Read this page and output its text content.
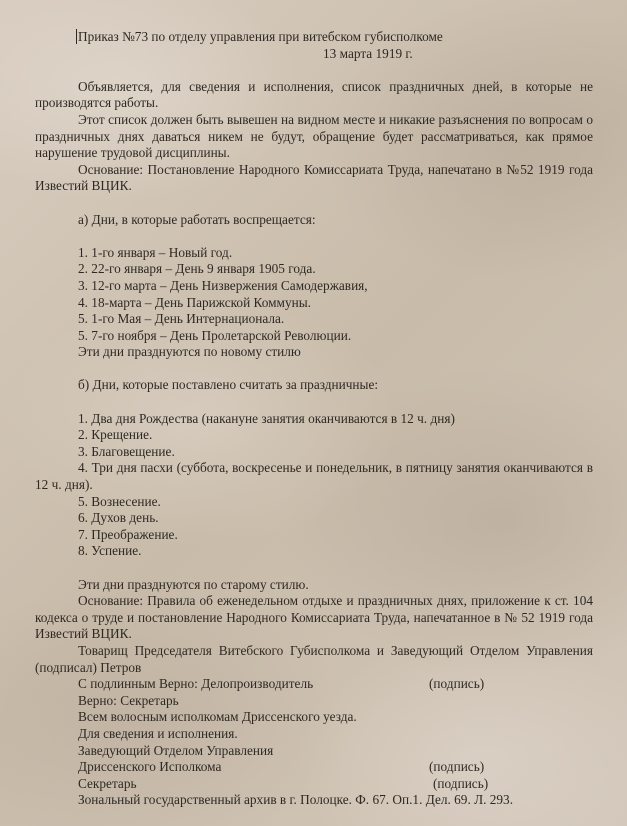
Приказ №73 по отделу управления при витебском губисполкоме
13 марта 1919 г.
Объявляется, для сведения и исполнения, список праздничных дней, в которые не производятся работы.
Этот список должен быть вывешен на видном месте и никакие разъяснения по вопросам о праздничных днях даваться никем не будут, обращение будет рассматриваться, как прямое нарушение трудовой дисциплины.
Основание: Постановление Народного Комиссариата Труда, напечатано в №52 1919 года Известий ВЦИК.
а) Дни, в которые работать воспрещается:
1. 1-го января – Новый год.
2. 22-го января – День 9 января 1905 года.
3. 12-го марта – День Низвержения Самодержавия,
4. 18-марта – День Парижской Коммуны.
5. 1-го Мая – День Интернационала.
5. 7-го ноября – День Пролетарской Революции.
Эти дни празднуются по новому стилю
б) Дни, которые поставлено считать за праздничные:
1. Два дня Рождества (накануне занятия оканчиваются в 12 ч. дня)
2. Крещение.
3. Благовещение.
4. Три дня пасхи (суббота, воскресенье и понедельник, в пятницу занятия оканчиваются в 12 ч. дня).
5. Вознесение.
6. Духов день.
7. Преображение.
8. Успение.
Эти дни празднуются по старому стилю.
Основание: Правила об еженедельном отдыхе и праздничных днях, приложение к ст. 104 кодекса о труде и постановление Народного Комиссариата Труда, напечатанное в № 52 1919 года Известий ВЦИК.
Товарищ Председателя Витебского Губисполкома и Заведующий Отделом Управления (подписал) Петров
С подлинным Верно: Делопроизводитель	(подпись)
Верно: Секретарь
Всем волосным исполкомам Дриссенского уезда.
Для сведения и исполнения.
Заведующий Отделом Управления
Дриссенского Исполкома	(подпись)
Секретарь	(подпись)
Зональный государственный архив в г. Полоцке. Ф. 67. Оп.1. Дел. 69. Л. 293.
